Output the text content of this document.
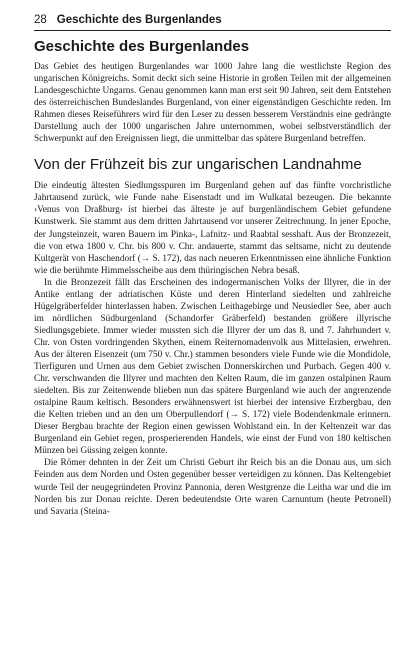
28 Geschichte des Burgenlandes
Geschichte des Burgenlandes

Das Gebiet des heutigen Burgenlandes war 1000 Jahre lang die westlichste Region des ungarischen Königreichs. Somit deckt sich seine Historie in großen Teilen mit der allgemeinen Landesgeschichte Ungarns. Genau genommen kann man erst seit 90 Jahren, seit dem Entstehen des österreichischen Bundeslandes Burgenland, von einer eigenständigen Geschichte reden. Im Rahmen dieses Reiseführers wird für den Leser zu dessen besserem Verständnis eine gedrängte Darstellung auch der 1000 ungarischen Jahre unternommen, wobei selbstverständlich der Schwerpunkt auf den Ereignissen liegt, die unmittelbar das spätere Burgenland betreffen.

Von der Frühzeit bis zur ungarischen Landnahme

Die eindeutig ältesten Siedlungsspuren im Burgenland gehen auf das fünfte vorchristliche Jahrtausend zurück, wie Funde nahe Eisenstadt und im Wulkatal bezeugen. Die bekannte ›Venus von Draßburg‹ ist hierbei das älteste je auf burgenländischem Gebiet gefundene Kunstwerk. Sie stammt aus dem dritten Jahrtausend vor unserer Zeitrechnung. In jener Epoche, der Jungsteinzeit, waren Bauern im Pinka-, Lafnitz- und Raabtal sesshaft. Aus der Bronzezeit, die von etwa 1800 v. Chr. bis 800 v. Chr. andauerte, stammt das seltsame, nicht zu deutende Kultgerät von Haschendorf (→ S. 172), das nach neueren Erkenntnissen eine ähnliche Funktion wie die berühmte Himmelsscheibe aus dem thüringischen Nebra besaß.

In die Bronzezeit fällt das Erscheinen des indogermanischen Volks der Illyrer, die in der Antike entlang der adriatischen Küste und deren Hinterland siedelten und zahlreiche Hügelgräberfelder hinterlassen haben. Zwischen Leithagebirge und Neusiedler See, aber auch im nördlichen Südburgenland (Schandorfer Gräberfeld) bestanden größere illyrische Siedlungsgebiete. Immer wieder mussten sich die Illyrer der um das 8. und 7. Jahrhundert v. Chr. von Osten vordringenden Skythen, einem Reiternomadenvolk aus Mittelasien, erwehren. Aus der älteren Eisenzeit (um 750 v. Chr.) stammen besonders viele Funde wie die Mondidole, Tierfiguren und Urnen aus dem Gebiet zwischen Donnerskirchen und Purbach. Gegen 400 v. Chr. verschwanden die Illyrer und machten den Kelten Raum, die im ganzen ostalpinen Raum siedelten. Bis zur Zeitenwende blieben nun das spätere Burgenland wie auch der angrenzende ostalpine Raum keltisch. Besonders erwähnenswert ist hierbei der intensive Erzbergbau, den die Kelten trieben und an den um Oberpullendorf (→ S. 172) viele Bodendenkmale erinnern. Dieser Bergbau brachte der Region einen gewissen Wohlstand ein. In der Keltenzeit war das Burgenland ein Gebiet regen, prosperierenden Handels, wie einst der Fund von 180 keltischen Münzen bei Güssing zeigen konnte.

Die Römer dehnten in der Zeit um Christi Geburt ihr Reich bis an die Donau aus, um sich Feinden aus dem Norden und Osten gegenüber besser verteidigen zu können. Das Keltengebiet wurde Teil der neugegründeten Provinz Pannonia, deren Westgrenze die Leitha war und die im Norden bis zur Donau reichte. Deren bedeutendste Orte waren Carnuntum (heute Petronell) und Savaria (Steina-
